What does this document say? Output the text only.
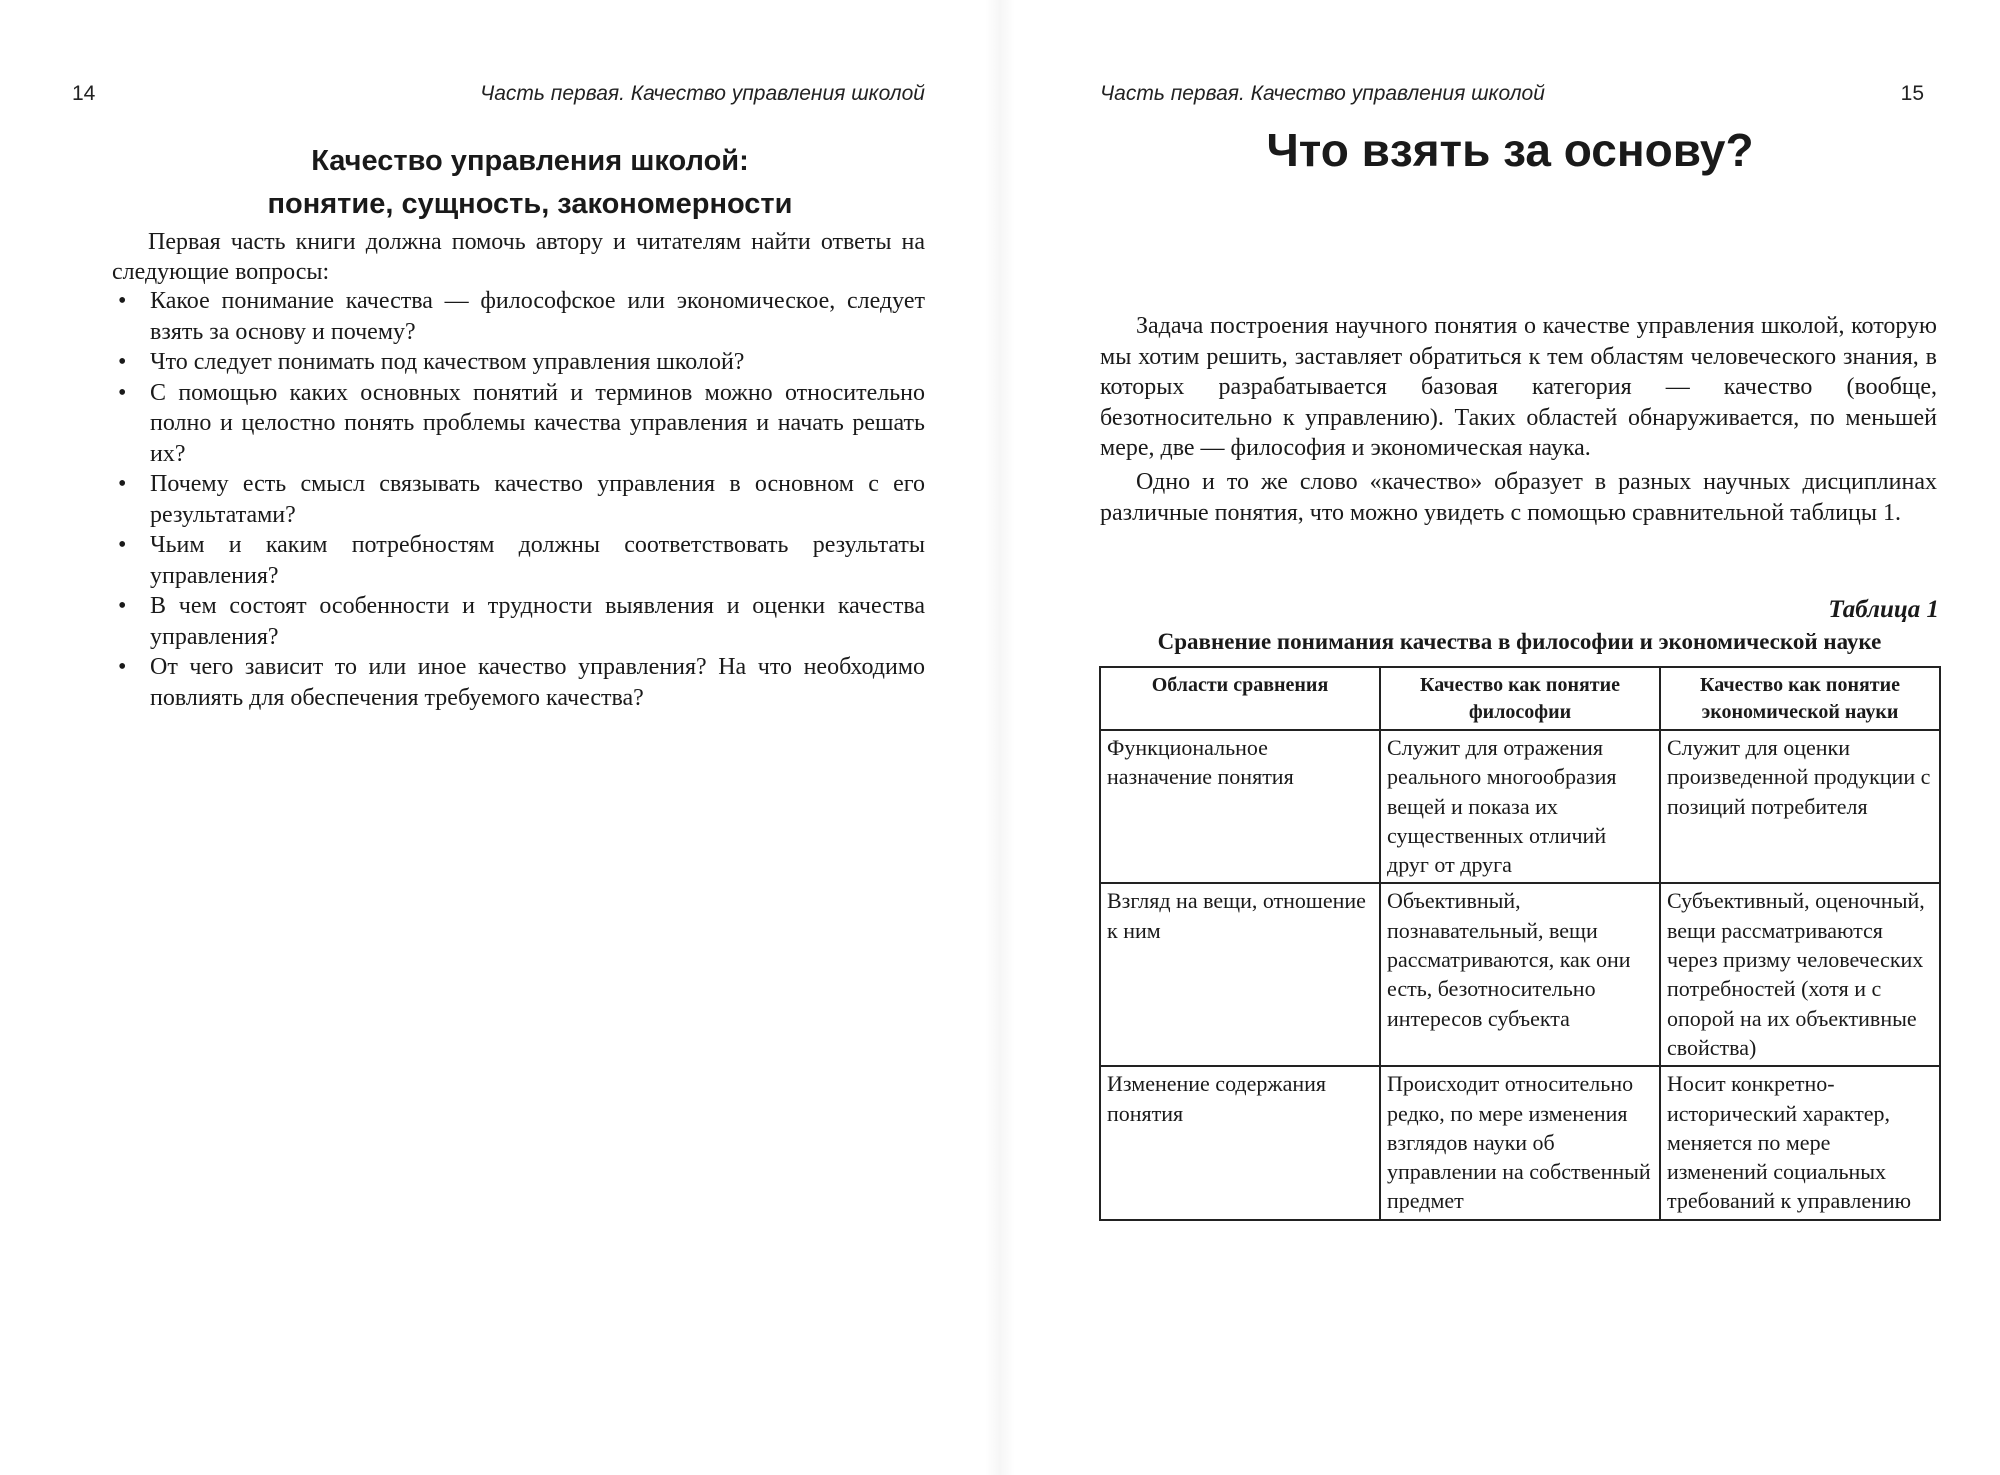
14	Часть первая. Качество управления школой
Качество управления школой:
понятие, сущность, закономерности

Первая часть книги должна помочь автору и читателям найти ответы на следующие вопросы:

• Какое понимание качества — философское или экономическое, следует взять за основу и почему?
• Что следует понимать под качеством управления школой?
• С помощью каких основных понятий и терминов можно относительно полно и целостно понять проблемы качества управления и начать решать их?
• Почему есть смысл связывать качество управления в основном с его результатами?
• Чьим и каким потребностям должны соответствовать результаты управления?
• В чем состоят особенности и трудности выявления и оценки качества управления?
• От чего зависит то или иное качество управления? На что необходимо повлиять для обеспечения требуемого качества?
Часть первая. Качество управления школой	15
Что взять за основу?

Задача построения научного понятия о качестве управления школой, которую мы хотим решить, заставляет обратиться к тем областям человеческого знания, в которых разрабатывается базовая категория — качество (вообще, безотносительно к управлению). Таких областей обнаруживается, по меньшей мере, две — философия и экономическая наука.

Одно и то же слово «качество» образует в разных научных дисциплинах различные понятия, что можно увидеть с помощью сравнительной таблицы 1.

Таблица 1
Сравнение понимания качества в философии и экономической науке
Области сравнения	Качество как понятие философии	Качество как понятие экономической науки
Функциональное назначение понятия	Служит для отражения реального многообразия вещей и показа их существенных отличий друг от друга	Служит для оценки произведенной продукции с позиций потребителя
Взгляд на вещи, отношение к ним	Объективный, познавательный, вещи рассматриваются, как они есть, безотносительно интересов субъекта	Субъективный, оценочный, вещи рассматриваются через призму человеческих потребностей (хотя и с опорой на их объективные свойства)
Изменение содержания понятия	Происходит относительно редко, по мере изменения взглядов науки об управлении на собственный предмет	Носит конкретно-исторический характер, меняется по мере изменений социальных требований к управлению
